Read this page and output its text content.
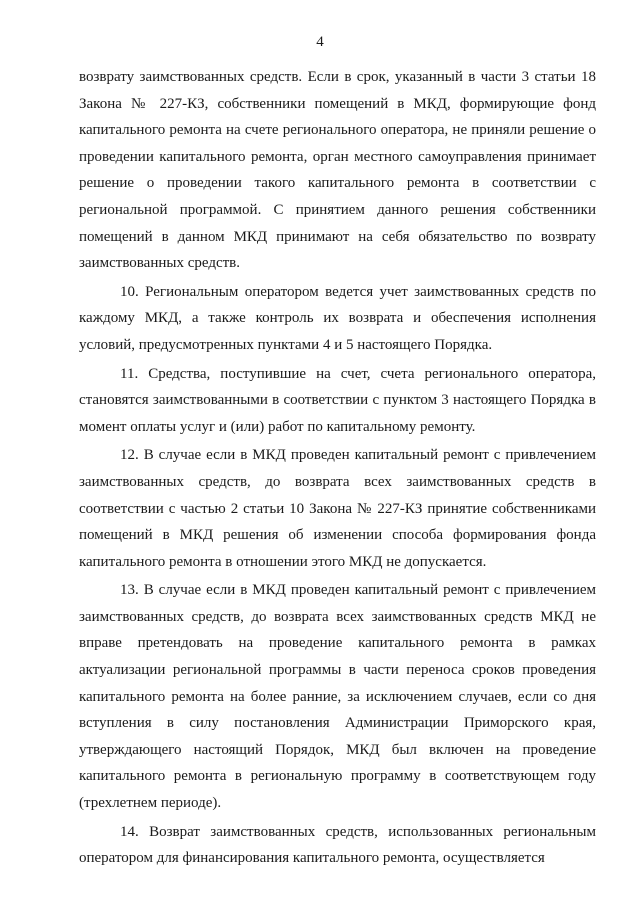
4

возврату заимствованных средств. Если в срок, указанный в части 3 статьи 18 Закона № 227-КЗ, собственники помещений в МКД, формирующие фонд капитального ремонта на счете регионального оператора, не приняли решение о проведении капитального ремонта, орган местного самоуправления принимает решение о проведении такого капитального ремонта в соответствии с региональной программой. С принятием данного решения собственники помещений в данном МКД принимают на себя обязательство по возврату заимствованных средств.

10. Региональным оператором ведется учет заимствованных средств по каждому МКД, а также контроль их возврата и обеспечения исполнения условий, предусмотренных пунктами 4 и 5 настоящего Порядка.

11. Средства, поступившие на счет, счета регионального оператора, становятся заимствованными в соответствии с пунктом 3 настоящего Порядка в момент оплаты услуг и (или) работ по капитальному ремонту.

12. В случае если в МКД проведен капитальный ремонт с привлечением заимствованных средств, до возврата всех заимствованных средств в соответствии с частью 2 статьи 10 Закона № 227-КЗ принятие собственниками помещений в МКД решения об изменении способа формирования фонда капитального ремонта в отношении этого МКД не допускается.

13. В случае если в МКД проведен капитальный ремонт с привлечением заимствованных средств, до возврата всех заимствованных средств МКД не вправе претендовать на проведение капитального ремонта в рамках актуализации региональной программы в части переноса сроков проведения капитального ремонта на более ранние, за исключением случаев, если со дня вступления в силу постановления Администрации Приморского края, утверждающего настоящий Порядок, МКД был включен на проведение капитального ремонта в региональную программу в соответствующем году (трехлетнем периоде).

14. Возврат заимствованных средств, использованных региональным оператором для финансирования капитального ремонта, осуществляется
